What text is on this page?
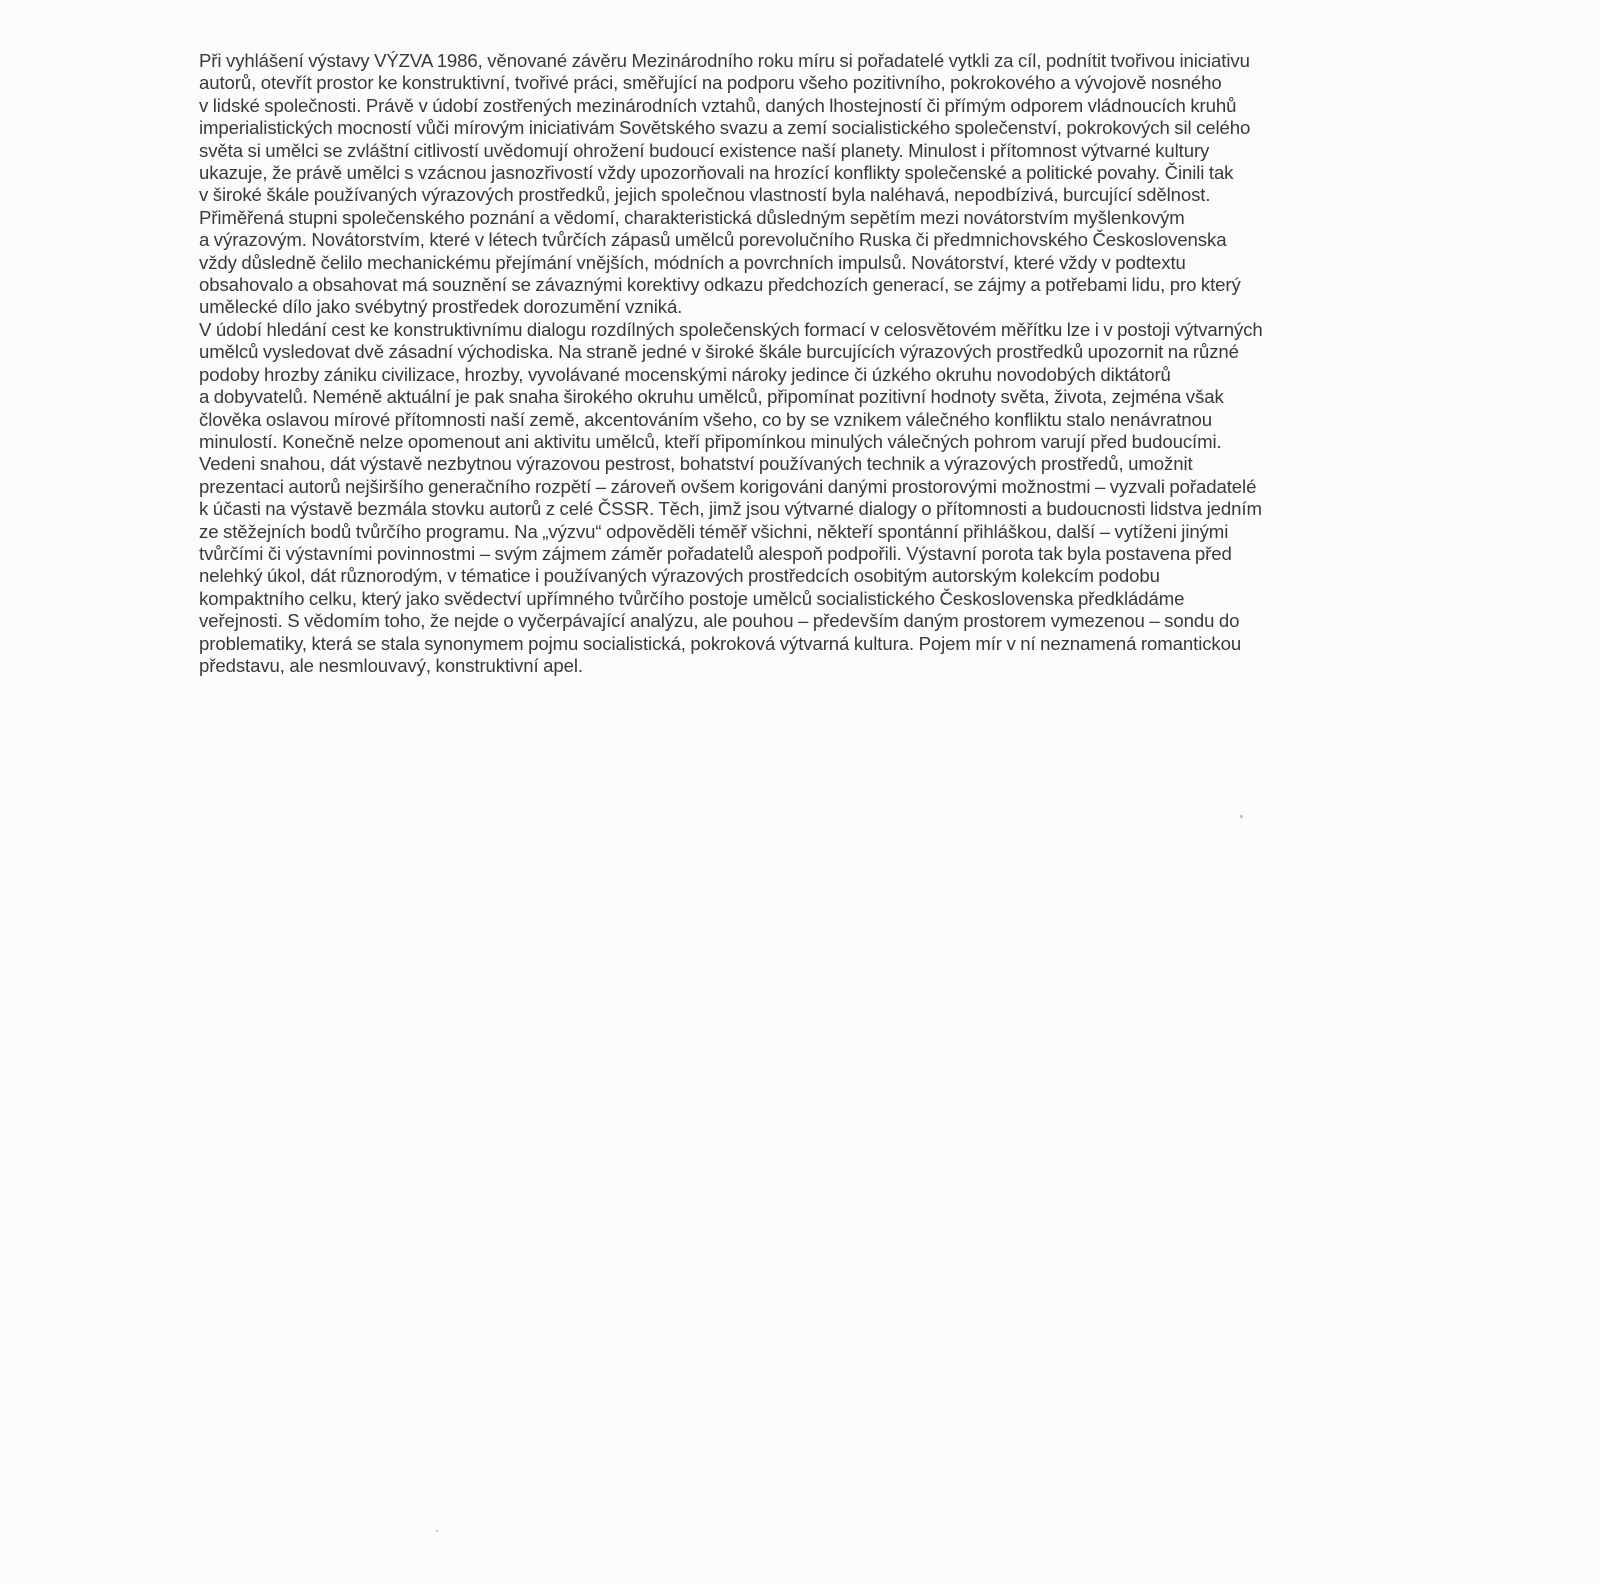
Při vyhlášení výstavy VÝZVA 1986, věnované závěru Mezinárodního roku míru si pořadatelé vytkli za cíl, podnítit tvořivou iniciativu
autorů, otevřít prostor ke konstruktivní, tvořivé práci, směřující na podporu všeho pozitivního, pokrokového a vývojově nosného
v lidské společnosti. Právě v údobí zostřených mezinárodních vztahů, daných lhostejností či přímým odporem vládnoucích kruhů
imperialistických mocností vůči mírovým iniciativám Sovětského svazu a zemí socialistického společenství, pokrokových sil celého
světa si umělci se zvláštní citlivostí uvědomují ohrožení budoucí existence naší planety. Minulost i přítomnost výtvarné kultury
ukazuje, že právě umělci s vzácnou jasnozřivostí vždy upozorňovali na hrozící konflikty společenské a politické povahy. Činili tak
v široké škále používaných výrazových prostředků, jejich společnou vlastností byla naléhavá, nepodbízivá, burcující sdělnost.
Přiměřená stupni společenského poznání a vědomí, charakteristická důsledným sepětím mezi novátorstvím myšlenkovým
a výrazovým. Novátorstvím, které v létech tvůrčích zápasů umělců porevolučního Ruska či předmnichovského Československa
vždy důsledně čelilo mechanickému přejímání vnějších, módních a povrchních impulsů. Novátorství, které vždy v podtextu
obsahovalo a obsahovat má souznění se závaznými korektivy odkazu předchozích generací, se zájmy a potřebami lidu, pro který
umělecké dílo jako svébytný prostředek dorozumění vzniká.

V údobí hledání cest ke konstruktivnímu dialogu rozdílných společenských formací v celosvětovém měřítku lze i v postoji výtvarných
umělců vysledovat dvě zásadní východiska. Na straně jedné v široké škále burcujících výrazových prostředků upozornit na různé
podoby hrozby zániku civilizace, hrozby, vyvolávané mocenskými nároky jedince či úzkého okruhu novodobých diktátorů
a dobyvatelů. Neméně aktuální je pak snaha širokého okruhu umělců, připomínat pozitivní hodnoty světa, života, zejména však
člověka oslavou mírové přítomnosti naší země, akcentováním všeho, co by se vznikem válečného konfliktu stalo nenávratnou
minulostí. Konečně nelze opomenout ani aktivitu umělců, kteří připomínkou minulých válečných pohrom varují před budoucími.
Vedeni snahou, dát výstavě nezbytnou výrazovou pestrost, bohatství používaných technik a výrazových prostředů, umožnit
prezentaci autorů nejširšího generačního rozpětí – zároveň ovšem korigováni danými prostorovými možnostmi – vyzvali pořadatelé
k účasti na výstavě bezmála stovku autorů z celé ČSSR. Těch, jimž jsou výtvarné dialogy o přítomnosti a budoucnosti lidstva jedním
ze stěžejních bodů tvůrčího programu. Na „výzvu“ odpověděli téměř všichni, někteří spontánní přihláškou, další – vytíženi jinými
tvůrčími či výstavními povinnostmi – svým zájmem záměr pořadatelů alespoň podpořili. Výstavní porota tak byla postavena před
nelehký úkol, dát různorodým, v tématice i používaných výrazových prostředcích osobitým autorským kolekcím podobu
kompaktního celku, který jako svědectví upřímného tvůrčího postoje umělců socialistického Československa předkládáme
veřejnosti. S vědomím toho, že nejde o vyčerpávající analýzu, ale pouhou – především daným prostorem vymezenou – sondu do
problematiky, která se stala synonymem pojmu socialistická, pokroková výtvarná kultura. Pojem mír v ní neznamená romantickou
představu, ale nesmlouvavý, konstruktivní apel.
